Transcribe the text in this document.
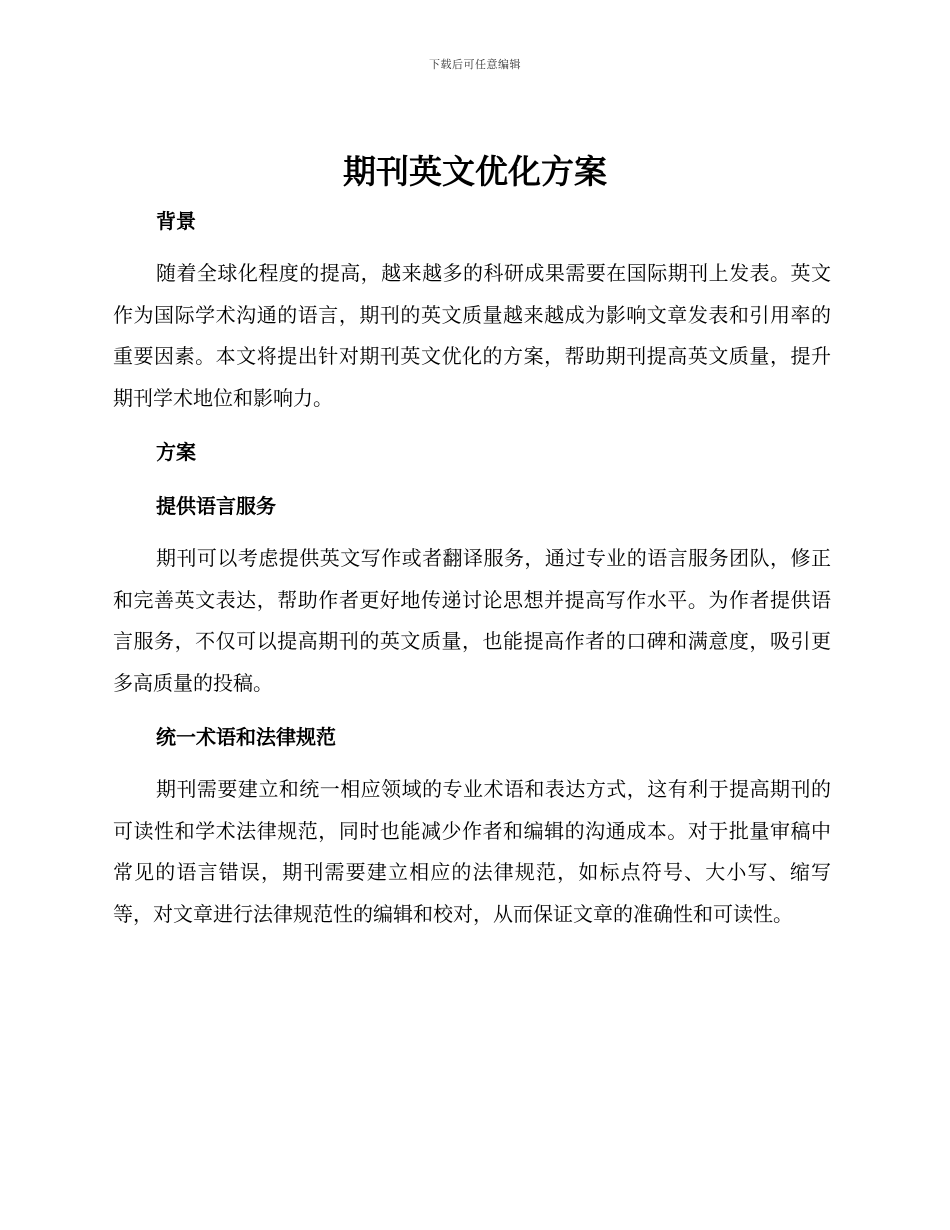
下载后可任意编辑
期刊英文优化方案
背景

随着全球化程度的提高，越来越多的科研成果需要在国际期刊上发表。英文作为国际学术沟通的语言，期刊的英文质量越来越成为影响文章发表和引用率的重要因素。本文将提出针对期刊英文优化的方案，帮助期刊提高英文质量，提升期刊学术地位和影响力。

方案
提供语言服务

期刊可以考虑提供英文写作或者翻译服务，通过专业的语言服务团队，修正和完善英文表达，帮助作者更好地传递讨论思想并提高写作水平。为作者提供语言服务，不仅可以提高期刊的英文质量，也能提高作者的口碑和满意度，吸引更多高质量的投稿。

统一术语和法律规范

期刊需要建立和统一相应领域的专业术语和表达方式，这有利于提高期刊的可读性和学术法律规范，同时也能减少作者和编辑的沟通成本。对于批量审稿中常见的语言错误，期刊需要建立相应的法律规范，如标点符号、大小写、缩写等，对文章进行法律规范性的编辑和校对，从而保证文章的准确性和可读性。
